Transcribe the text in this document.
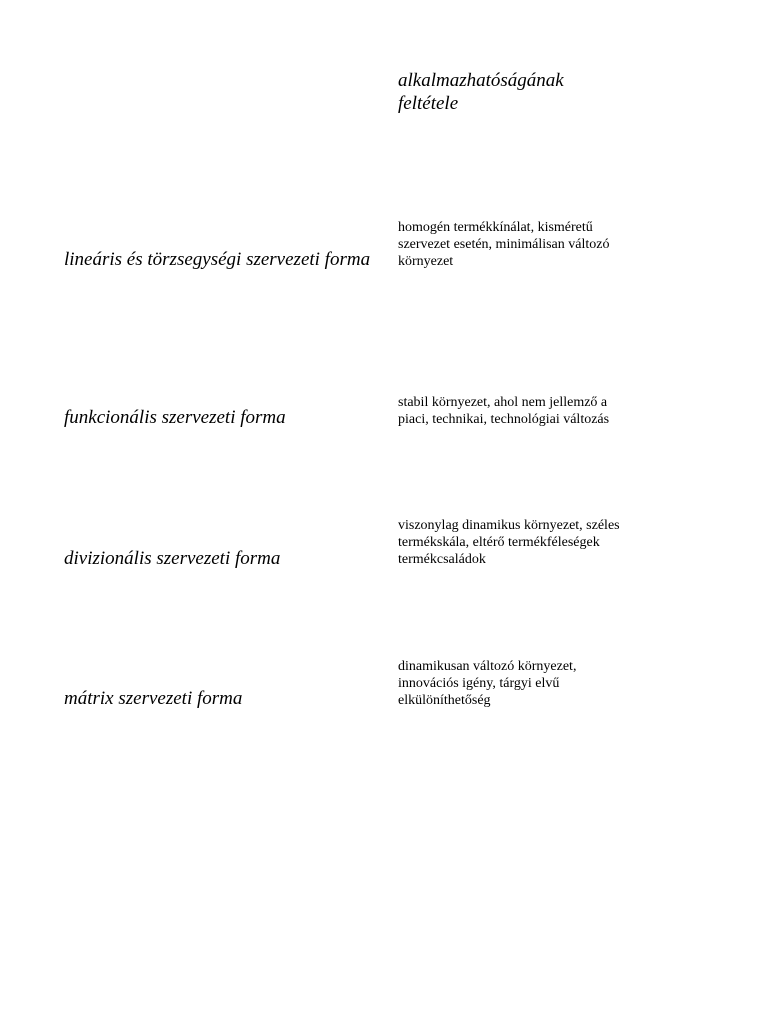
alkalmazhatóságának feltétele

lineáris és törzsegységi szervezeti forma

homogén termékkínálat, kisméretű szervezet esetén, minimálisan változó környezet

funkcionális szervezeti forma

stabil környezet, ahol nem jellemző a piaci, technikai, technológiai változás

divizionális szervezeti forma

viszonylag dinamikus környezet, széles termékskála, eltérő termékféleségek termékcsaládok

mátrix szervezeti forma

dinamikusan változó környezet, innovációs igény, tárgyi elvű elkülöníthetőség
